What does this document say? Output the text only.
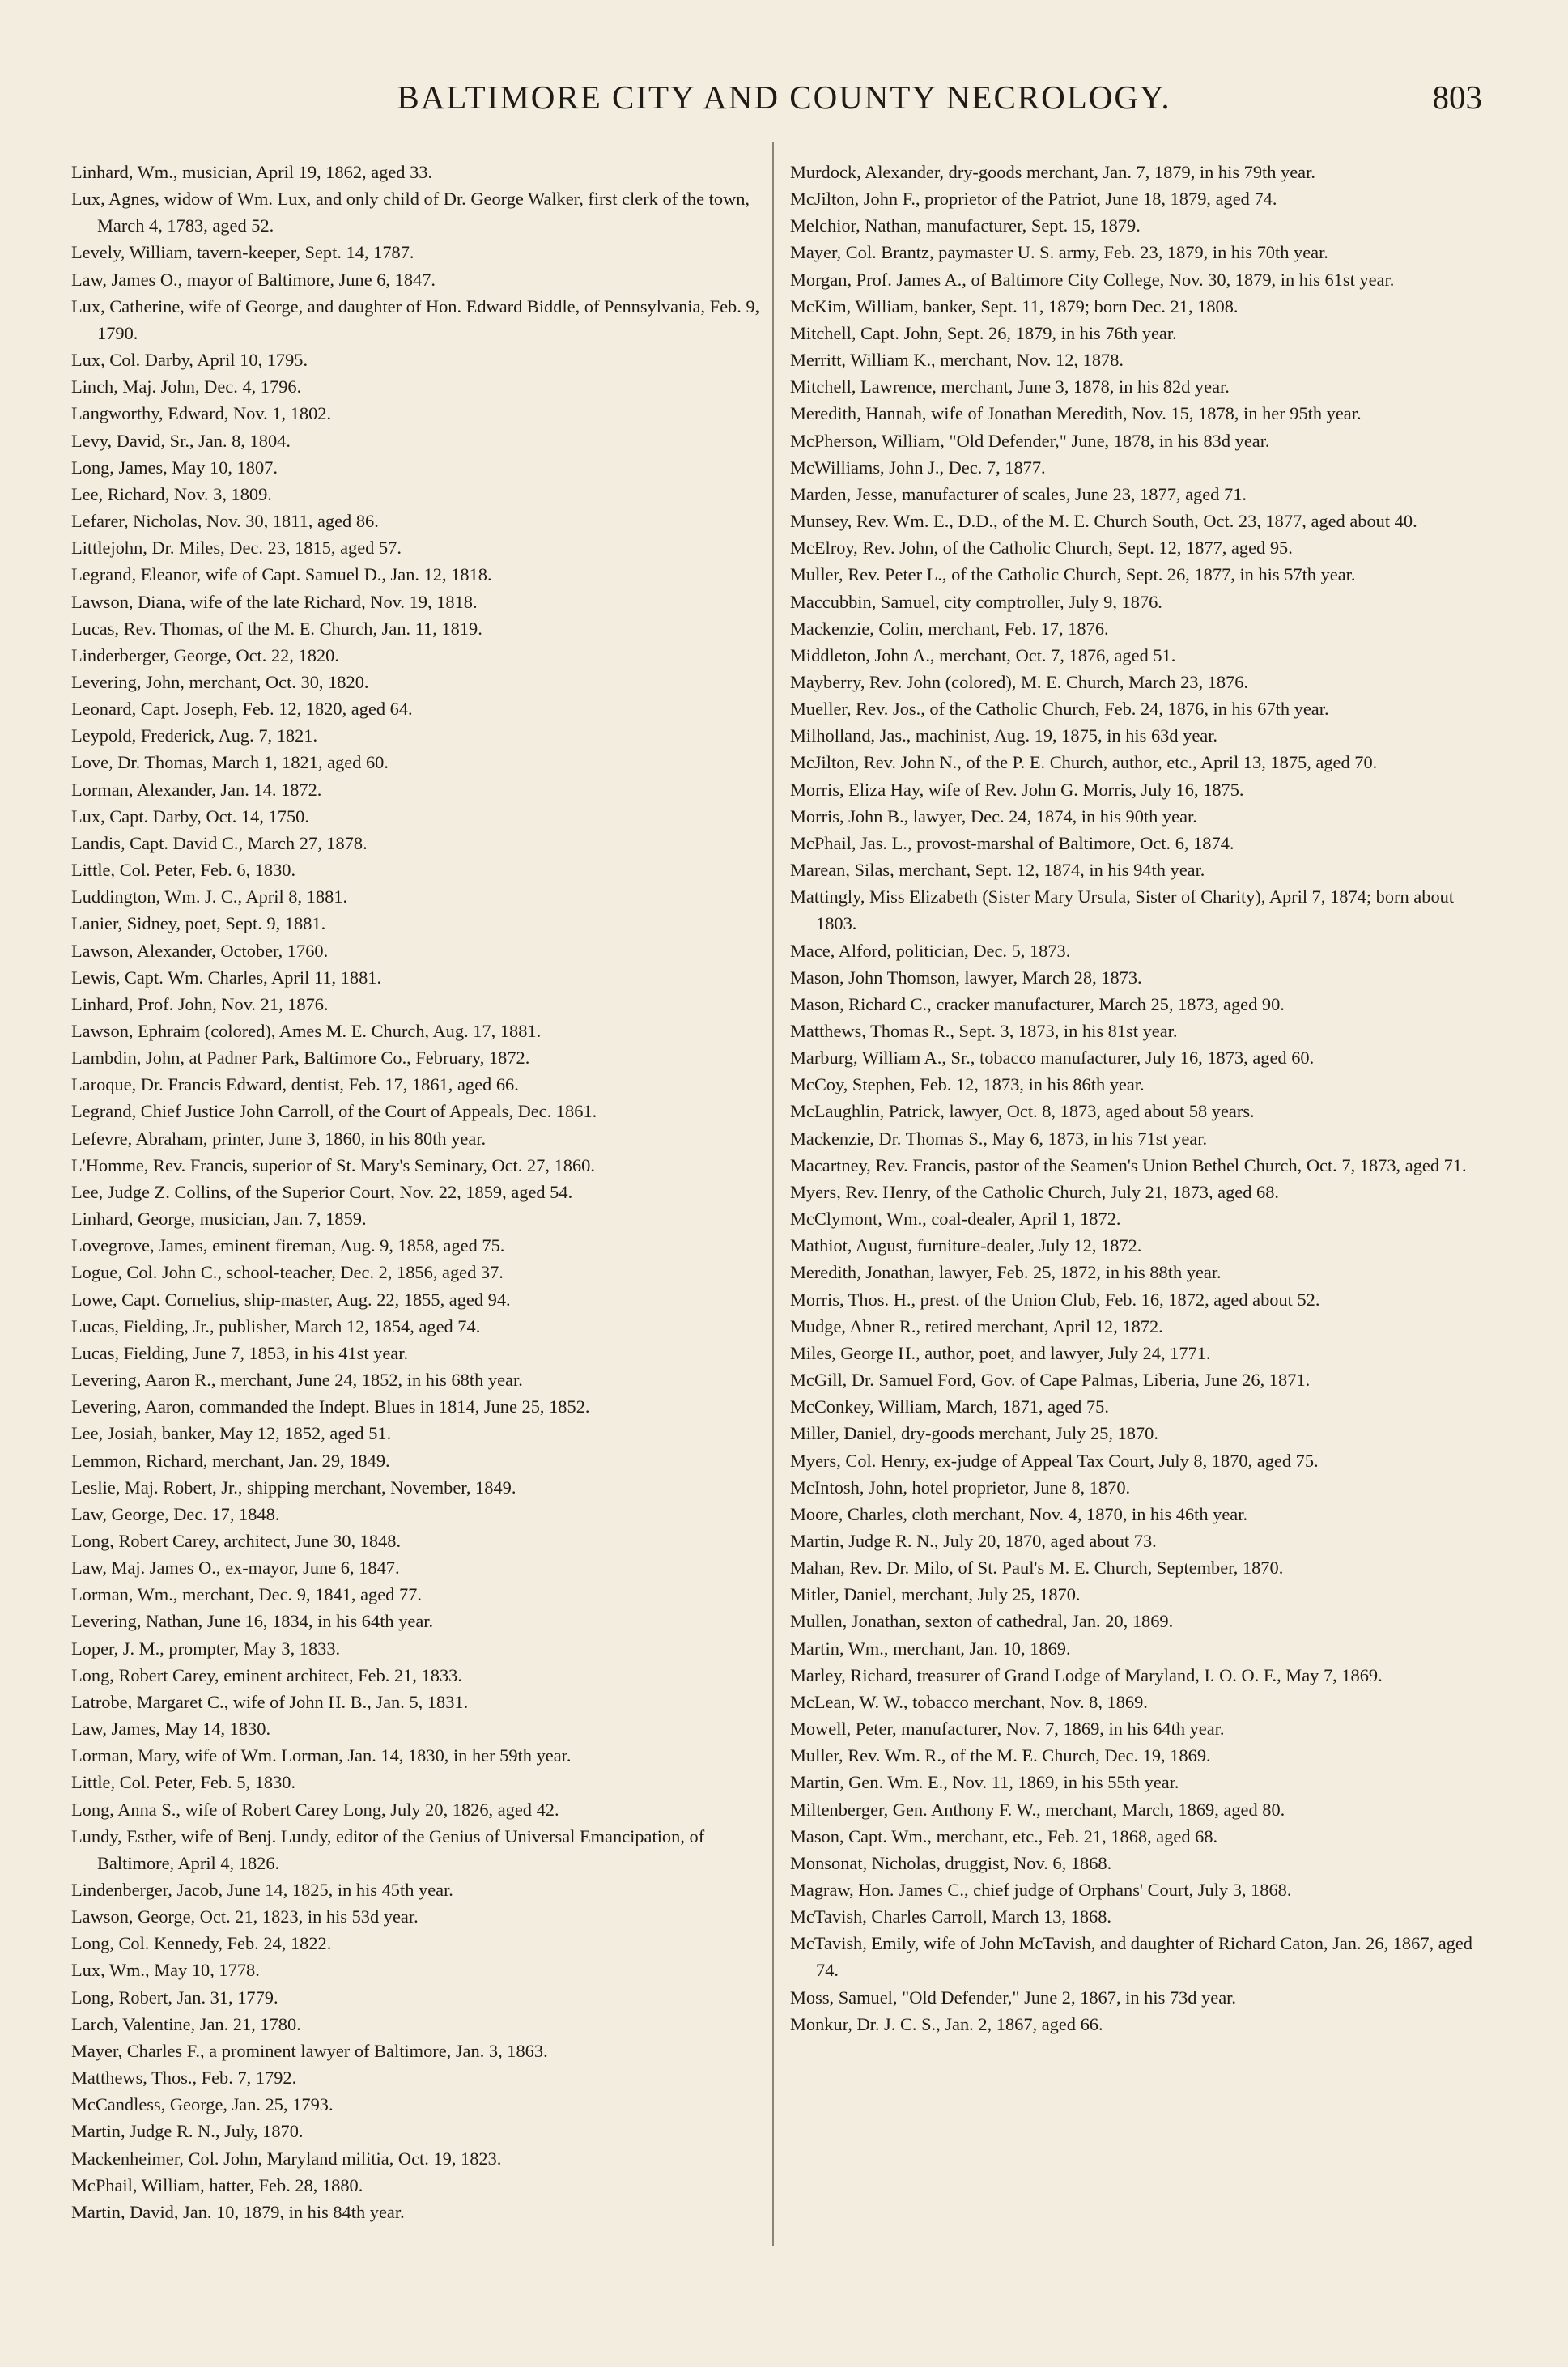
BALTIMORE CITY AND COUNTY NECROLOGY.	803

Linhard, Wm., musician, April 19, 1862, aged 33.

Lux, Agnes, widow of Wm. Lux, and only child of Dr. George Walker, first clerk of the town, March 4, 1783, aged 52.

Levely, William, tavern-keeper, Sept. 14, 1787.

Law, James O., mayor of Baltimore, June 6, 1847.

Lux, Catherine, wife of George, and daughter of Hon. Edward Biddle, of Pennsylvania, Feb. 9, 1790.

Lux, Col. Darby, April 10, 1795.

Linch, Maj. John, Dec. 4, 1796.

Langworthy, Edward, Nov. 1, 1802.

Levy, David, Sr., Jan. 8, 1804.

Long, James, May 10, 1807.

Lee, Richard, Nov. 3, 1809.

Lefarer, Nicholas, Nov. 30, 1811, aged 86.

Littlejohn, Dr. Miles, Dec. 23, 1815, aged 57.

Legrand, Eleanor, wife of Capt. Samuel D., Jan. 12, 1818.

Lawson, Diana, wife of the late Richard, Nov. 19, 1818.

Lucas, Rev. Thomas, of the M. E. Church, Jan. 11, 1819.

Linderberger, George, Oct. 22, 1820.

Levering, John, merchant, Oct. 30, 1820.

Leonard, Capt. Joseph, Feb. 12, 1820, aged 64.

Leypold, Frederick, Aug. 7, 1821.

Love, Dr. Thomas, March 1, 1821, aged 60.

Lorman, Alexander, Jan. 14. 1872.

Lux, Capt. Darby, Oct. 14, 1750.

Landis, Capt. David C., March 27, 1878.

Little, Col. Peter, Feb. 6, 1830.

Luddington, Wm. J. C., April 8, 1881.

Lanier, Sidney, poet, Sept. 9, 1881.

Lawson, Alexander, October, 1760.

Lewis, Capt. Wm. Charles, April 11, 1881.

Linhard, Prof. John, Nov. 21, 1876.

Lawson, Ephraim (colored), Ames M. E. Church, Aug. 17, 1881.

Lambdin, John, at Padner Park, Baltimore Co., February, 1872.

Laroque, Dr. Francis Edward, dentist, Feb. 17, 1861, aged 66.

Legrand, Chief Justice John Carroll, of the Court of Appeals, Dec. 1861.

Lefevre, Abraham, printer, June 3, 1860, in his 80th year.

L'Homme, Rev. Francis, superior of St. Mary's Seminary, Oct. 27, 1860.

Lee, Judge Z. Collins, of the Superior Court, Nov. 22, 1859, aged 54.

Linhard, George, musician, Jan. 7, 1859.

Lovegrove, James, eminent fireman, Aug. 9, 1858, aged 75.

Logue, Col. John C., school-teacher, Dec. 2, 1856, aged 37.

Lowe, Capt. Cornelius, ship-master, Aug. 22, 1855, aged 94.

Lucas, Fielding, Jr., publisher, March 12, 1854, aged 74.

Lucas, Fielding, June 7, 1853, in his 41st year.

Levering, Aaron R., merchant, June 24, 1852, in his 68th year.

Levering, Aaron, commanded the Indept. Blues in 1814, June 25, 1852.

Lee, Josiah, banker, May 12, 1852, aged 51.

Lemmon, Richard, merchant, Jan. 29, 1849.

Leslie, Maj. Robert, Jr., shipping merchant, November, 1849.

Law, George, Dec. 17, 1848.

Long, Robert Carey, architect, June 30, 1848.

Law, Maj. James O., ex-mayor, June 6, 1847.

Lorman, Wm., merchant, Dec. 9, 1841, aged 77.

Levering, Nathan, June 16, 1834, in his 64th year.

Loper, J. M., prompter, May 3, 1833.

Long, Robert Carey, eminent architect, Feb. 21, 1833.

Latrobe, Margaret C., wife of John H. B., Jan. 5, 1831.

Law, James, May 14, 1830.

Lorman, Mary, wife of Wm. Lorman, Jan. 14, 1830, in her 59th year.

Little, Col. Peter, Feb. 5, 1830.

Long, Anna S., wife of Robert Carey Long, July 20, 1826, aged 42.

Lundy, Esther, wife of Benj. Lundy, editor of the Genius of Universal Emancipation, of Baltimore, April 4, 1826.

Lindenberger, Jacob, June 14, 1825, in his 45th year.

Lawson, George, Oct. 21, 1823, in his 53d year.

Long, Col. Kennedy, Feb. 24, 1822.

Lux, Wm., May 10, 1778.

Long, Robert, Jan. 31, 1779.

Larch, Valentine, Jan. 21, 1780.

Mayer, Charles F., a prominent lawyer of Baltimore, Jan. 3, 1863.

Matthews, Thos., Feb. 7, 1792.

McCandless, George, Jan. 25, 1793.

Martin, Judge R. N., July, 1870.

Mackenheimer, Col. John, Maryland militia, Oct. 19, 1823.

McPhail, William, hatter, Feb. 28, 1880.

Martin, David, Jan. 10, 1879, in his 84th year.

Murdock, Alexander, dry-goods merchant, Jan. 7, 1879, in his 79th year.

McJilton, John F., proprietor of the Patriot, June 18, 1879, aged 74.

Melchior, Nathan, manufacturer, Sept. 15, 1879.

Mayer, Col. Brantz, paymaster U. S. army, Feb. 23, 1879, in his 70th year.

Morgan, Prof. James A., of Baltimore City College, Nov. 30, 1879, in his 61st year.

McKim, William, banker, Sept. 11, 1879; born Dec. 21, 1808.

Mitchell, Capt. John, Sept. 26, 1879, in his 76th year.

Merritt, William K., merchant, Nov. 12, 1878.

Mitchell, Lawrence, merchant, June 3, 1878, in his 82d year.

Meredith, Hannah, wife of Jonathan Meredith, Nov. 15, 1878, in her 95th year.

McPherson, William, "Old Defender," June, 1878, in his 83d year.

McWilliams, John J., Dec. 7, 1877.

Marden, Jesse, manufacturer of scales, June 23, 1877, aged 71.

Munsey, Rev. Wm. E., D.D., of the M. E. Church South, Oct. 23, 1877, aged about 40.

McElroy, Rev. John, of the Catholic Church, Sept. 12, 1877, aged 95.

Muller, Rev. Peter L., of the Catholic Church, Sept. 26, 1877, in his 57th year.

Maccubbin, Samuel, city comptroller, July 9, 1876.

Mackenzie, Colin, merchant, Feb. 17, 1876.

Middleton, John A., merchant, Oct. 7, 1876, aged 51.

Mayberry, Rev. John (colored), M. E. Church, March 23, 1876.

Mueller, Rev. Jos., of the Catholic Church, Feb. 24, 1876, in his 67th year.

Milholland, Jas., machinist, Aug. 19, 1875, in his 63d year.

McJilton, Rev. John N., of the P. E. Church, author, etc., April 13, 1875, aged 70.

Morris, Eliza Hay, wife of Rev. John G. Morris, July 16, 1875.

Morris, John B., lawyer, Dec. 24, 1874, in his 90th year.

McPhail, Jas. L., provost-marshal of Baltimore, Oct. 6, 1874.

Marean, Silas, merchant, Sept. 12, 1874, in his 94th year.

Mattingly, Miss Elizabeth (Sister Mary Ursula, Sister of Charity), April 7, 1874; born about 1803.

Mace, Alford, politician, Dec. 5, 1873.

Mason, John Thomson, lawyer, March 28, 1873.

Mason, Richard C., cracker manufacturer, March 25, 1873, aged 90.

Matthews, Thomas R., Sept. 3, 1873, in his 81st year.

Marburg, William A., Sr., tobacco manufacturer, July 16, 1873, aged 60.

McCoy, Stephen, Feb. 12, 1873, in his 86th year.

McLaughlin, Patrick, lawyer, Oct. 8, 1873, aged about 58 years.

Mackenzie, Dr. Thomas S., May 6, 1873, in his 71st year.

Macartney, Rev. Francis, pastor of the Seamen's Union Bethel Church, Oct. 7, 1873, aged 71.

Myers, Rev. Henry, of the Catholic Church, July 21, 1873, aged 68.

McClymont, Wm., coal-dealer, April 1, 1872.

Mathiot, August, furniture-dealer, July 12, 1872.

Meredith, Jonathan, lawyer, Feb. 25, 1872, in his 88th year.

Morris, Thos. H., prest. of the Union Club, Feb. 16, 1872, aged about 52.

Mudge, Abner R., retired merchant, April 12, 1872.

Miles, George H., author, poet, and lawyer, July 24, 1771.

McGill, Dr. Samuel Ford, Gov. of Cape Palmas, Liberia, June 26, 1871.

McConkey, William, March, 1871, aged 75.

Miller, Daniel, dry-goods merchant, July 25, 1870.

Myers, Col. Henry, ex-judge of Appeal Tax Court, July 8, 1870, aged 75.

McIntosh, John, hotel proprietor, June 8, 1870.

Moore, Charles, cloth merchant, Nov. 4, 1870, in his 46th year.

Martin, Judge R. N., July 20, 1870, aged about 73.

Mahan, Rev. Dr. Milo, of St. Paul's M. E. Church, September, 1870.

Mitler, Daniel, merchant, July 25, 1870.

Mullen, Jonathan, sexton of cathedral, Jan. 20, 1869.

Martin, Wm., merchant, Jan. 10, 1869.

Marley, Richard, treasurer of Grand Lodge of Maryland, I. O. O. F., May 7, 1869.

McLean, W. W., tobacco merchant, Nov. 8, 1869.

Mowell, Peter, manufacturer, Nov. 7, 1869, in his 64th year.

Muller, Rev. Wm. R., of the M. E. Church, Dec. 19, 1869.

Martin, Gen. Wm. E., Nov. 11, 1869, in his 55th year.

Miltenberger, Gen. Anthony F. W., merchant, March, 1869, aged 80.

Mason, Capt. Wm., merchant, etc., Feb. 21, 1868, aged 68.

Monsonat, Nicholas, druggist, Nov. 6, 1868.

Magraw, Hon. James C., chief judge of Orphans' Court, July 3, 1868.

McTavish, Charles Carroll, March 13, 1868.

McTavish, Emily, wife of John McTavish, and daughter of Richard Caton, Jan. 26, 1867, aged 74.

Moss, Samuel, "Old Defender," June 2, 1867, in his 73d year.

Monkur, Dr. J. C. S., Jan. 2, 1867, aged 66.
